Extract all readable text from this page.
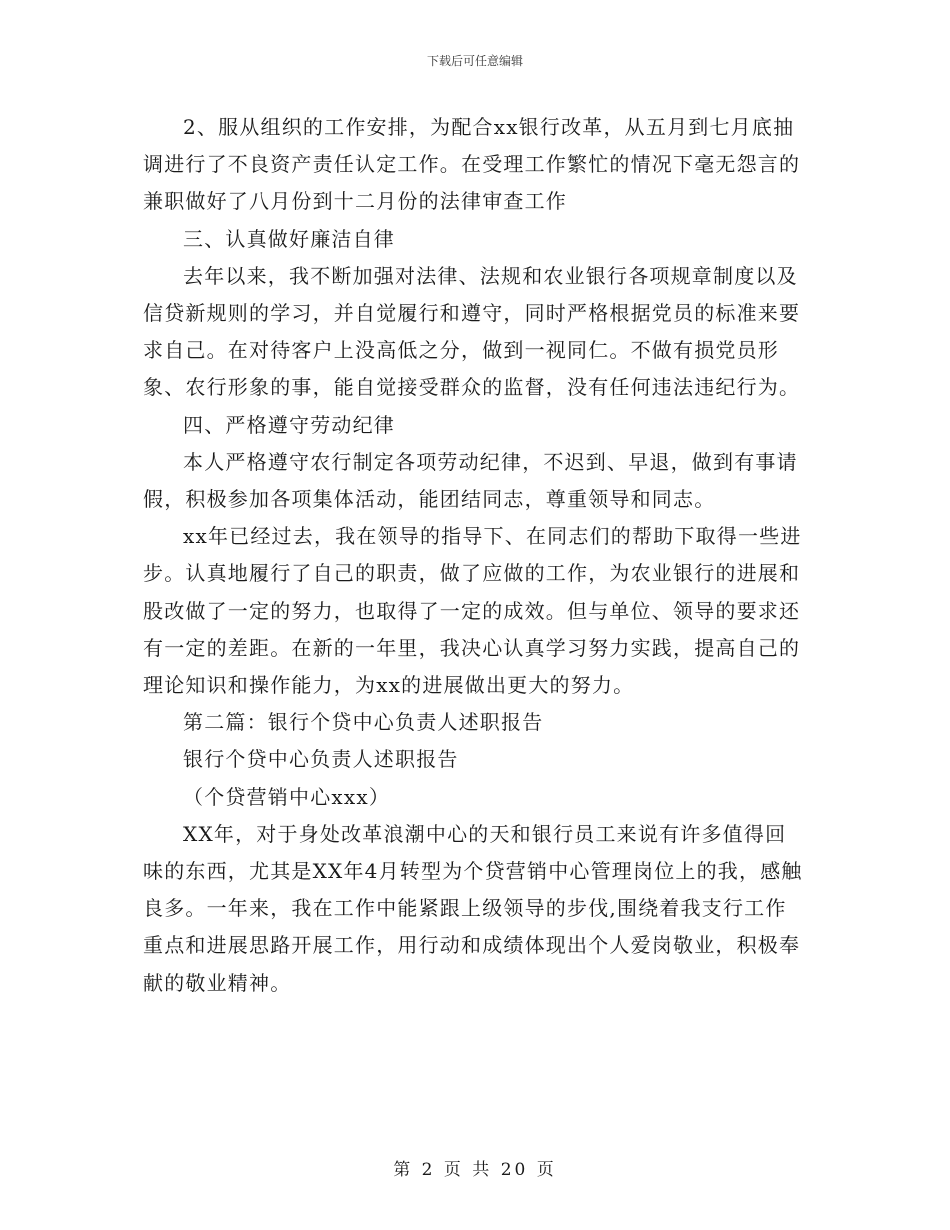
下载后可任意编辑

2、服从组织的工作安排，为配合xx银行改革，从五月到七月底抽调进行了不良资产责任认定工作。在受理工作繁忙的情况下毫无怨言的兼职做好了八月份到十二月份的法律审查工作

三、认真做好廉洁自律

去年以来，我不断加强对法律、法规和农业银行各项规章制度以及信贷新规则的学习，并自觉履行和遵守，同时严格根据党员的标准来要求自己。在对待客户上没高低之分，做到一视同仁。不做有损党员形象、农行形象的事，能自觉接受群众的监督，没有任何违法违纪行为。

四、严格遵守劳动纪律

本人严格遵守农行制定各项劳动纪律，不迟到、早退，做到有事请假，积极参加各项集体活动，能团结同志，尊重领导和同志。

xx年已经过去，我在领导的指导下、在同志们的帮助下取得一些进步。认真地履行了自己的职责，做了应做的工作，为农业银行的进展和股改做了一定的努力，也取得了一定的成效。但与单位、领导的要求还有一定的差距。在新的一年里，我决心认真学习努力实践，提高自己的理论知识和操作能力，为xx的进展做出更大的努力。

第二篇：银行个贷中心负责人述职报告

银行个贷中心负责人述职报告

（个贷营销中心xxx）

XX年，对于身处改革浪潮中心的天和银行员工来说有许多值得回味的东西，尤其是XX年4月转型为个贷营销中心管理岗位上的我，感触良多。一年来，我在工作中能紧跟上级领导的步伐,围绕着我支行工作重点和进展思路开展工作，用行动和成绩体现出个人爱岗敬业，积极奉献的敬业精神。

第 2 页 共 20 页
